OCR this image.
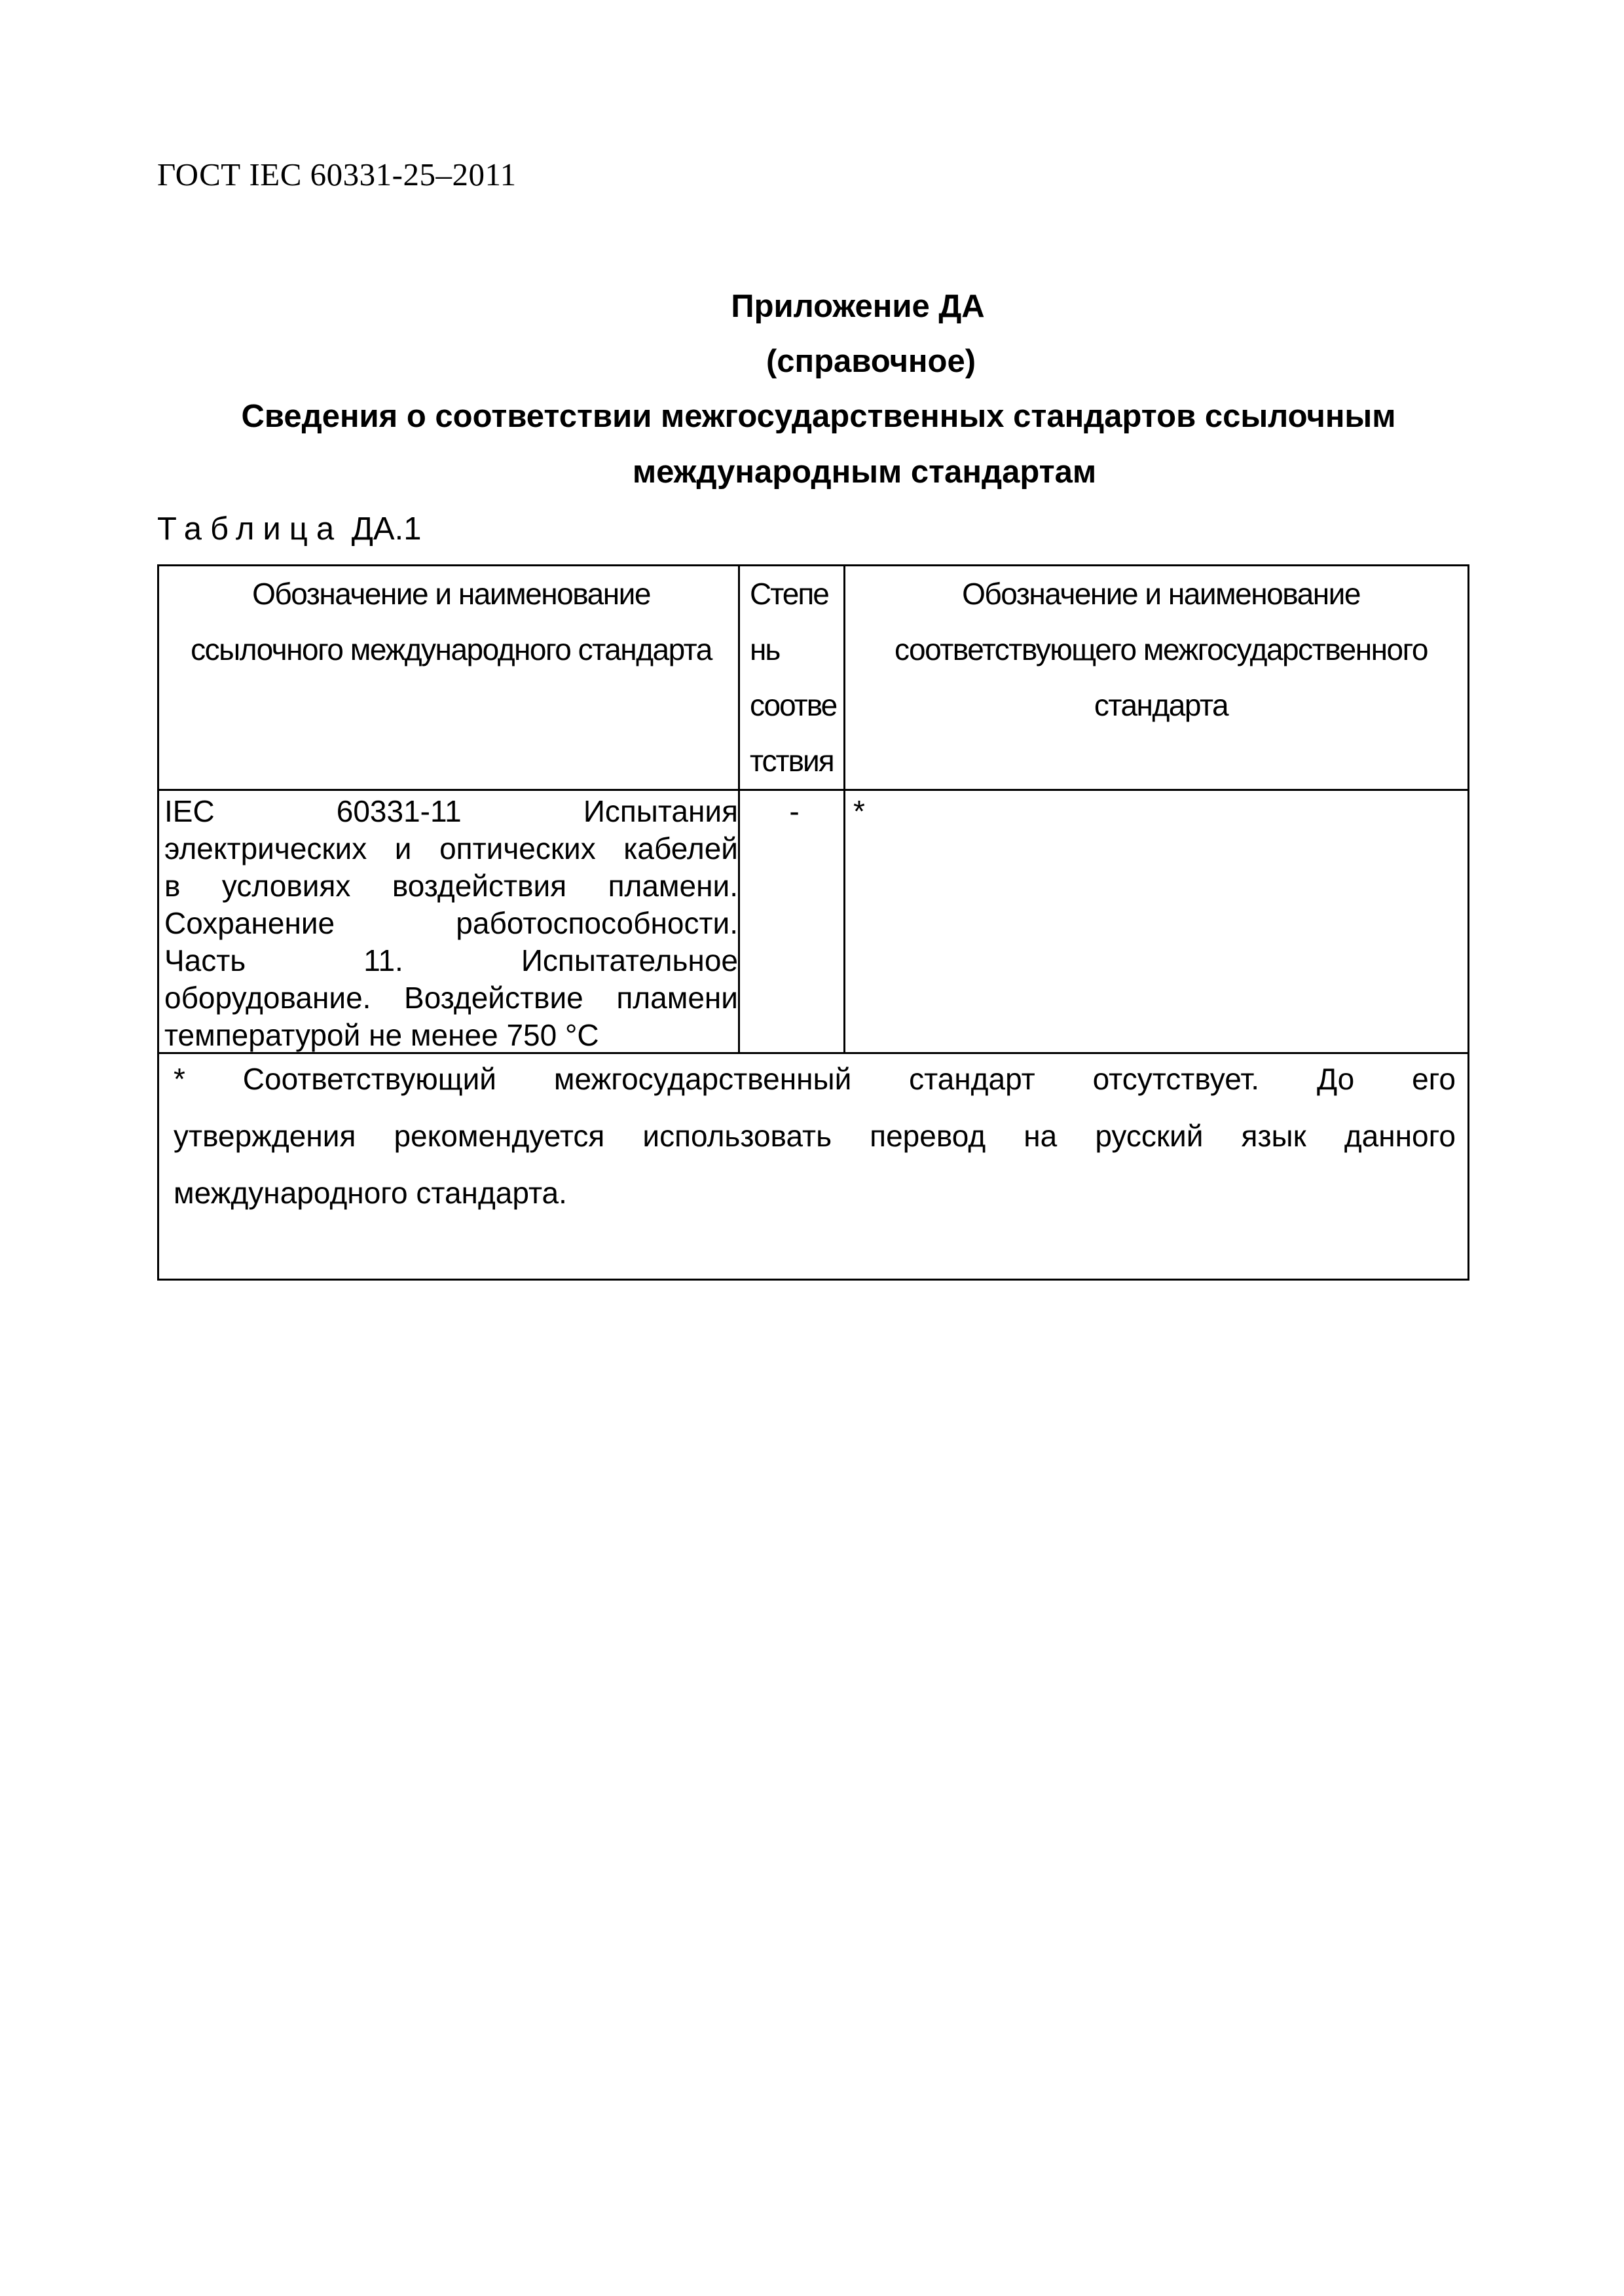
ГОСТ IEC 60331-25–2011
Приложение ДА
(справочное)
Сведения о соответствии межгосударственных стандартов ссылочным
международным стандартам
Таблица ДА.1
Обозначение и наименование
ссылочного международного стандарта
Степе
нь
соотве
тствия
Обозначение и наименование
соответствующего межгосударственного
стандарта

IEC 60331-11 Испытания

электрических и оптических кабелей

в условиях воздействия пламени.

Сохранение работоспособности.

Часть 11. Испытательное

оборудование. Воздействие пламени

температурой не менее 750 °С

-	*

* Соответствующий межгосударственный стандарт отсутствует. До его

утверждения рекомендуется использовать перевод на русский язык данного

международного стандарта.
